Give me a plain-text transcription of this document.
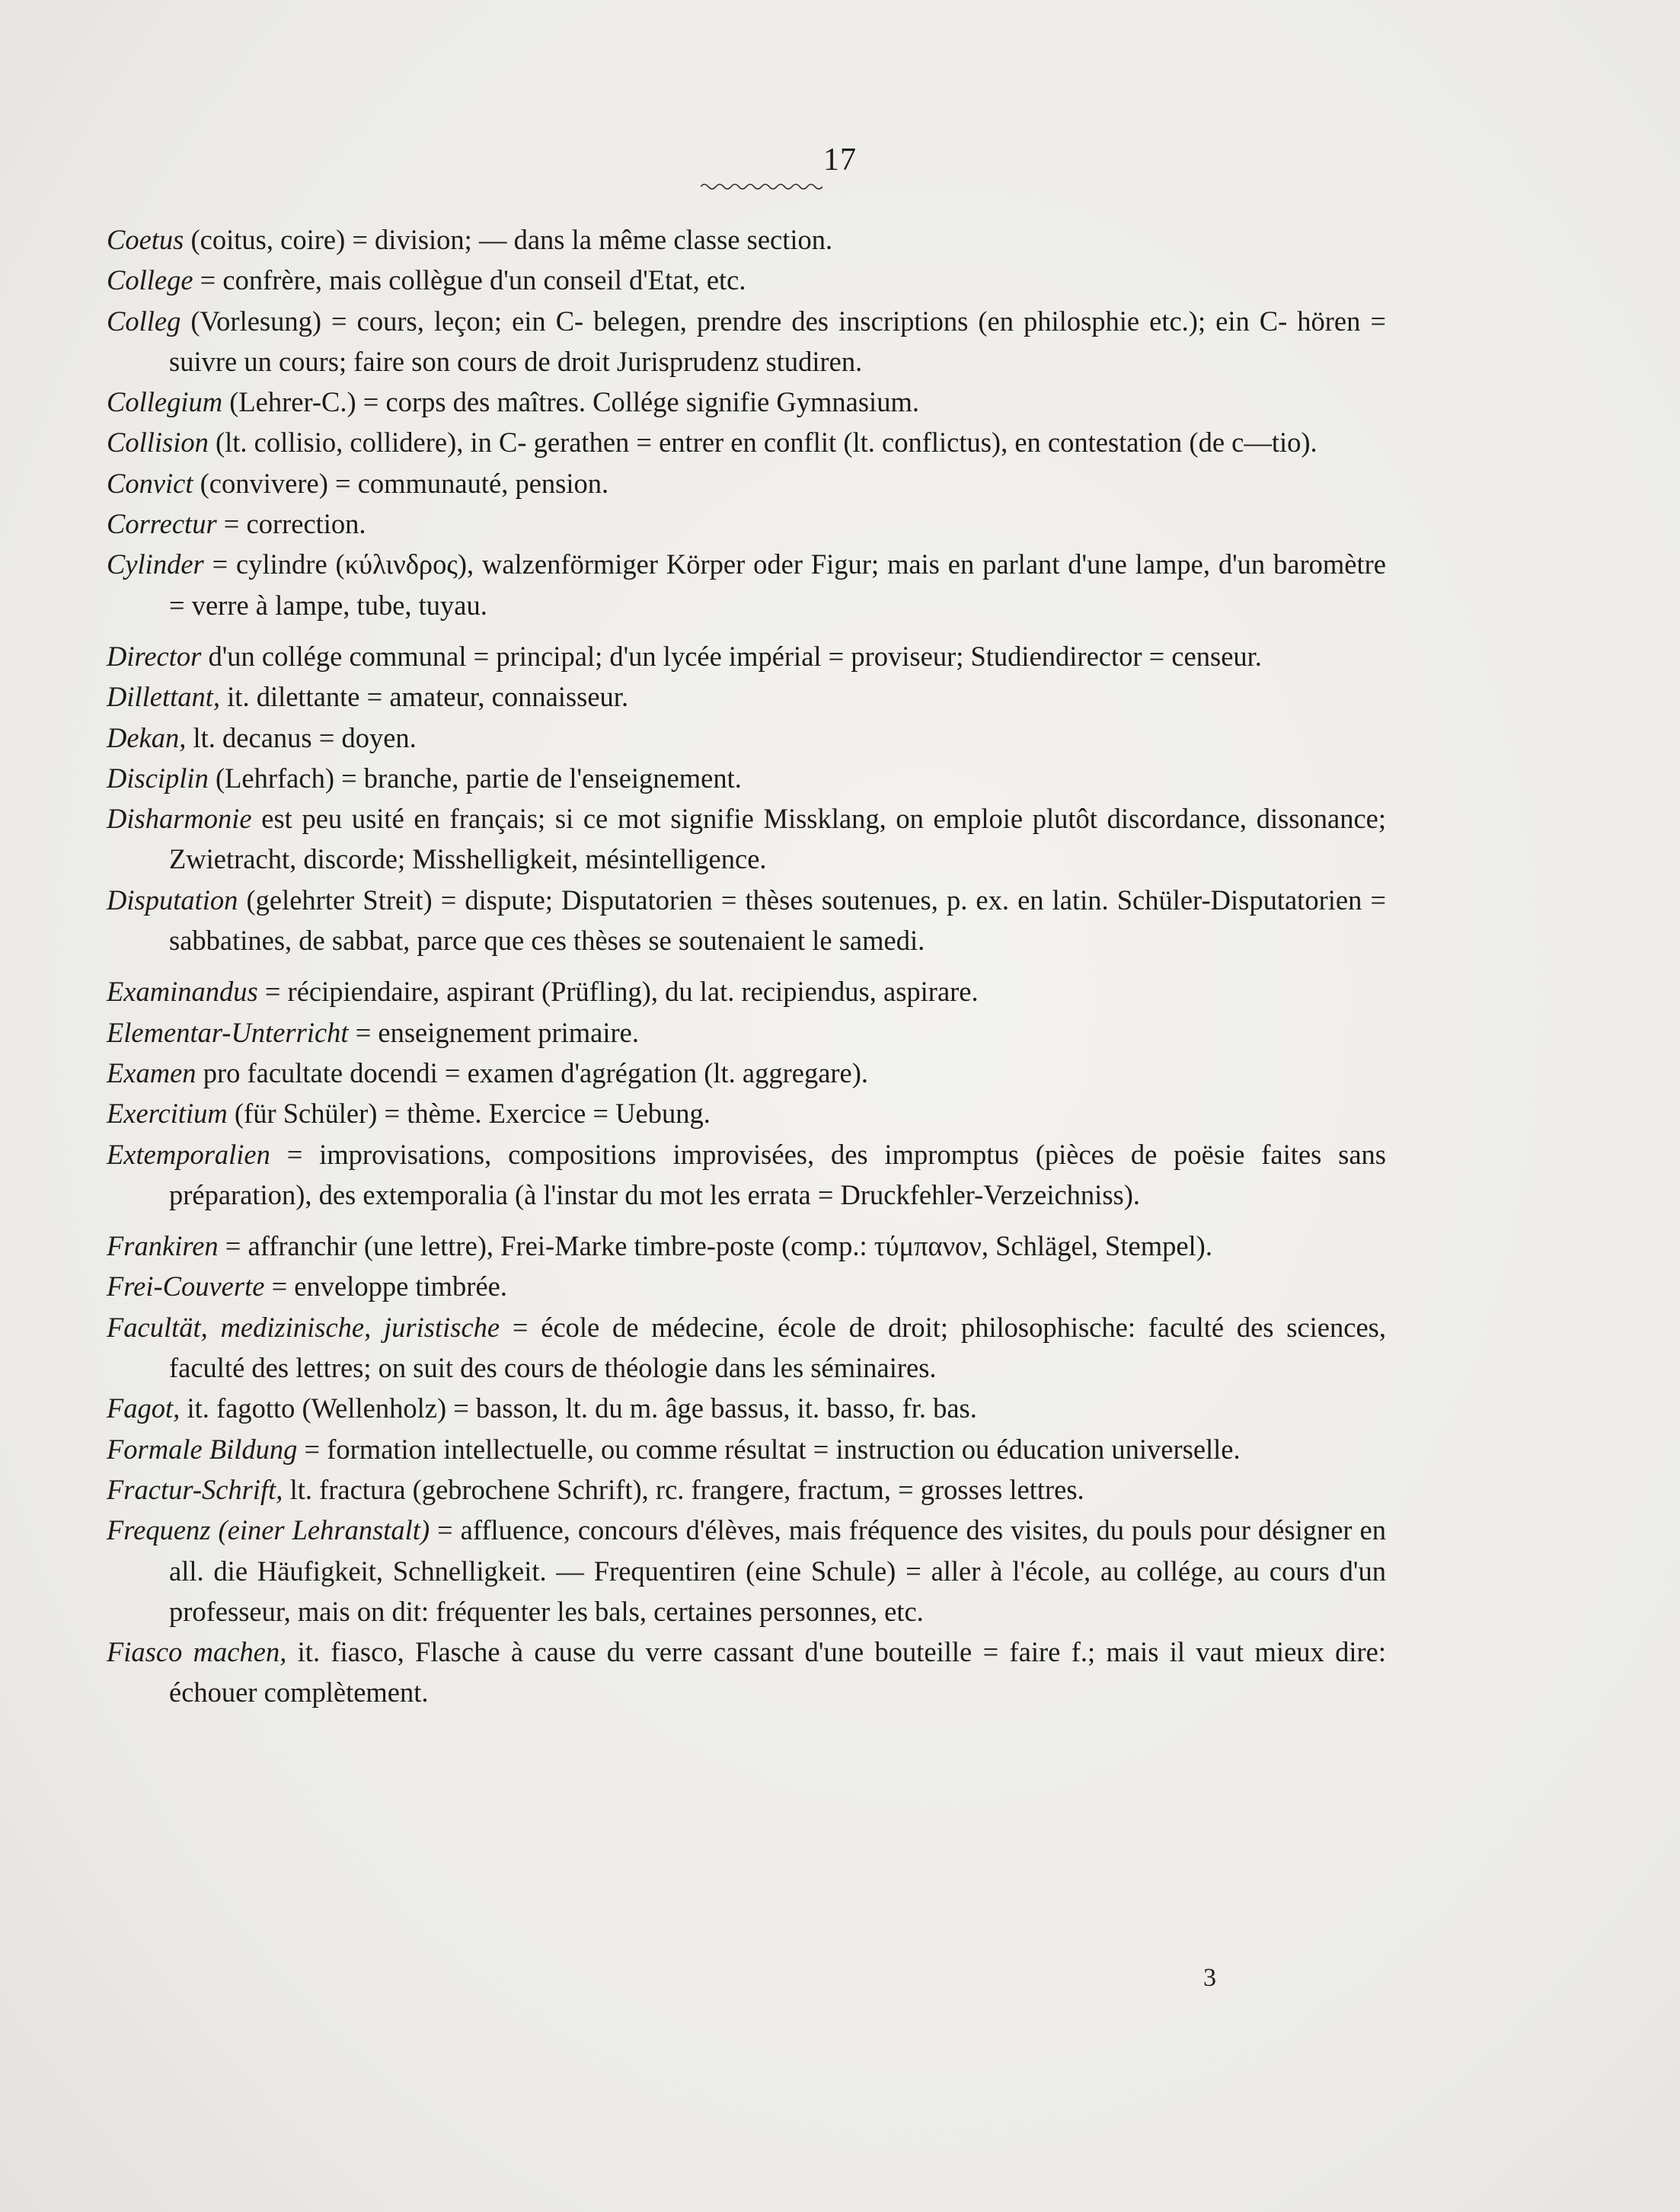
17

Coetus (coitus, coire) = division; — dans la même classe section.

College = confrère, mais collègue d'un conseil d'Etat, etc.

Colleg (Vorlesung) = cours, leçon; ein C- belegen, prendre des inscriptions (en philosphie etc.); ein C- hören = suivre un cours; faire son cours de droit Jurisprudenz studiren.

Collegium (Lehrer-C.) = corps des maîtres. Collége signifie Gymnasium.

Collision (lt. collisio, collidere), in C- gerathen = entrer en conflit (lt. conflictus), en contestation (de c—tio).

Convict (convivere) = communauté, pension.

Correctur = correction.

Cylinder = cylindre (κύλινδρος), walzenförmiger Körper oder Figur; mais en parlant d'une lampe, d'un baromètre = verre à lampe, tube, tuyau.

Director d'un collége communal = principal; d'un lycée impérial = proviseur; Studiendirector = censeur.

Dillettant, it. dilettante = amateur, connaisseur.

Dekan, lt. decanus = doyen.

Disciplin (Lehrfach) = branche, partie de l'enseignement.

Disharmonie est peu usité en français; si ce mot signifie Missklang, on emploie plutôt discordance, dissonance; Zwietracht, discorde; Misshelligkeit, mésintelligence.

Disputation (gelehrter Streit) = dispute; Disputatorien = thèses soutenues, p. ex. en latin. Schüler-Disputatorien = sabbatines, de sabbat, parce que ces thèses se soutenaient le samedi.

Examinandus = récipiendaire, aspirant (Prüfling), du lat. recipiendus, aspirare.

Elementar-Unterricht = enseignement primaire.

Examen pro facultate docendi = examen d'agrégation (lt. aggregare).

Exercitium (für Schüler) = thème. Exercice = Uebung.

Extemporalien = improvisations, compositions improvisées, des impromptus (pièces de poësie faites sans préparation), des extemporalia (à l'instar du mot les errata = Druckfehler-Verzeichniss).

Frankiren = affranchir (une lettre), Frei-Marke timbre-poste (comp.: τύμπανον, Schlägel, Stempel).

Frei-Couverte = enveloppe timbrée.

Facultät, medizinische, juristische = école de médecine, école de droit; philosophische: faculté des sciences, faculté des lettres; on suit des cours de théologie dans les séminaires.

Fagot, it. fagotto (Wellenholz) = basson, lt. du m. âge bassus, it. basso, fr. bas.

Formale Bildung = formation intellectuelle, ou comme résultat = instruction ou éducation universelle.

Fractur-Schrift, lt. fractura (gebrochene Schrift), rc. frangere, fractum, = grosses lettres.

Frequenz (einer Lehranstalt) = affluence, concours d'élèves, mais fréquence des visites, du pouls pour désigner en all. die Häufigkeit, Schnelligkeit. — Frequentiren (eine Schule) = aller à l'école, au collége, au cours d'un professeur, mais on dit: fréquenter les bals, certaines personnes, etc.

Fiasco machen, it. fiasco, Flasche à cause du verre cassant d'une bouteille = faire f.; mais il vaut mieux dire: échouer complètement.

3
